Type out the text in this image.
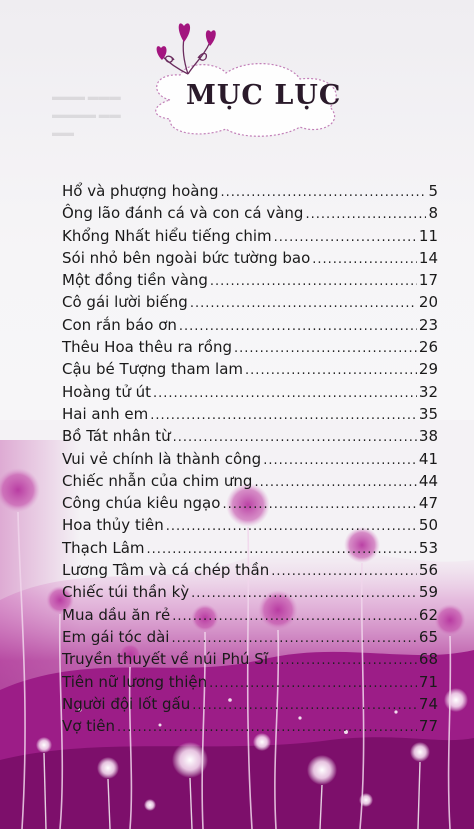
▬▬▬ ▬▬▬
▬▬▬▬ ▬▬
▬▬
MỤC LỤC
Hổ và phượng hoàng .....	5
Ông lão đánh cá và con cá vàng .....	8
Khổng Nhất hiểu tiếng chim .....	11
Sói nhỏ bên ngoài bức tường bao .....	14
Một đồng tiền vàng .....	17
Cô gái lười biếng .....	20
Con rắn báo ơn .....	23
Thêu Hoa thêu ra rồng .....	26
Cậu bé Tượng tham lam .....	29
Hoàng tử út .....	32
Hai anh em .....	35
Bồ Tát nhân từ .....	38
Vui vẻ chính là thành công .....	41
Chiếc nhẫn của chim ưng .....	44
Công chúa kiêu ngạo .....	47
Hoa thủy tiên .....	50
Thạch Lâm .....	53
Lương Tâm và cá chép thần .....	56
Chiếc túi thần kỳ .....	59
Mua dầu ăn rẻ .....	62
Em gái tóc dài .....	65
Truyền thuyết về núi Phú Sĩ .....	68
Tiên nữ lương thiện .....	71
Người đội lốt gấu .....	74
Vợ tiên .....	77
